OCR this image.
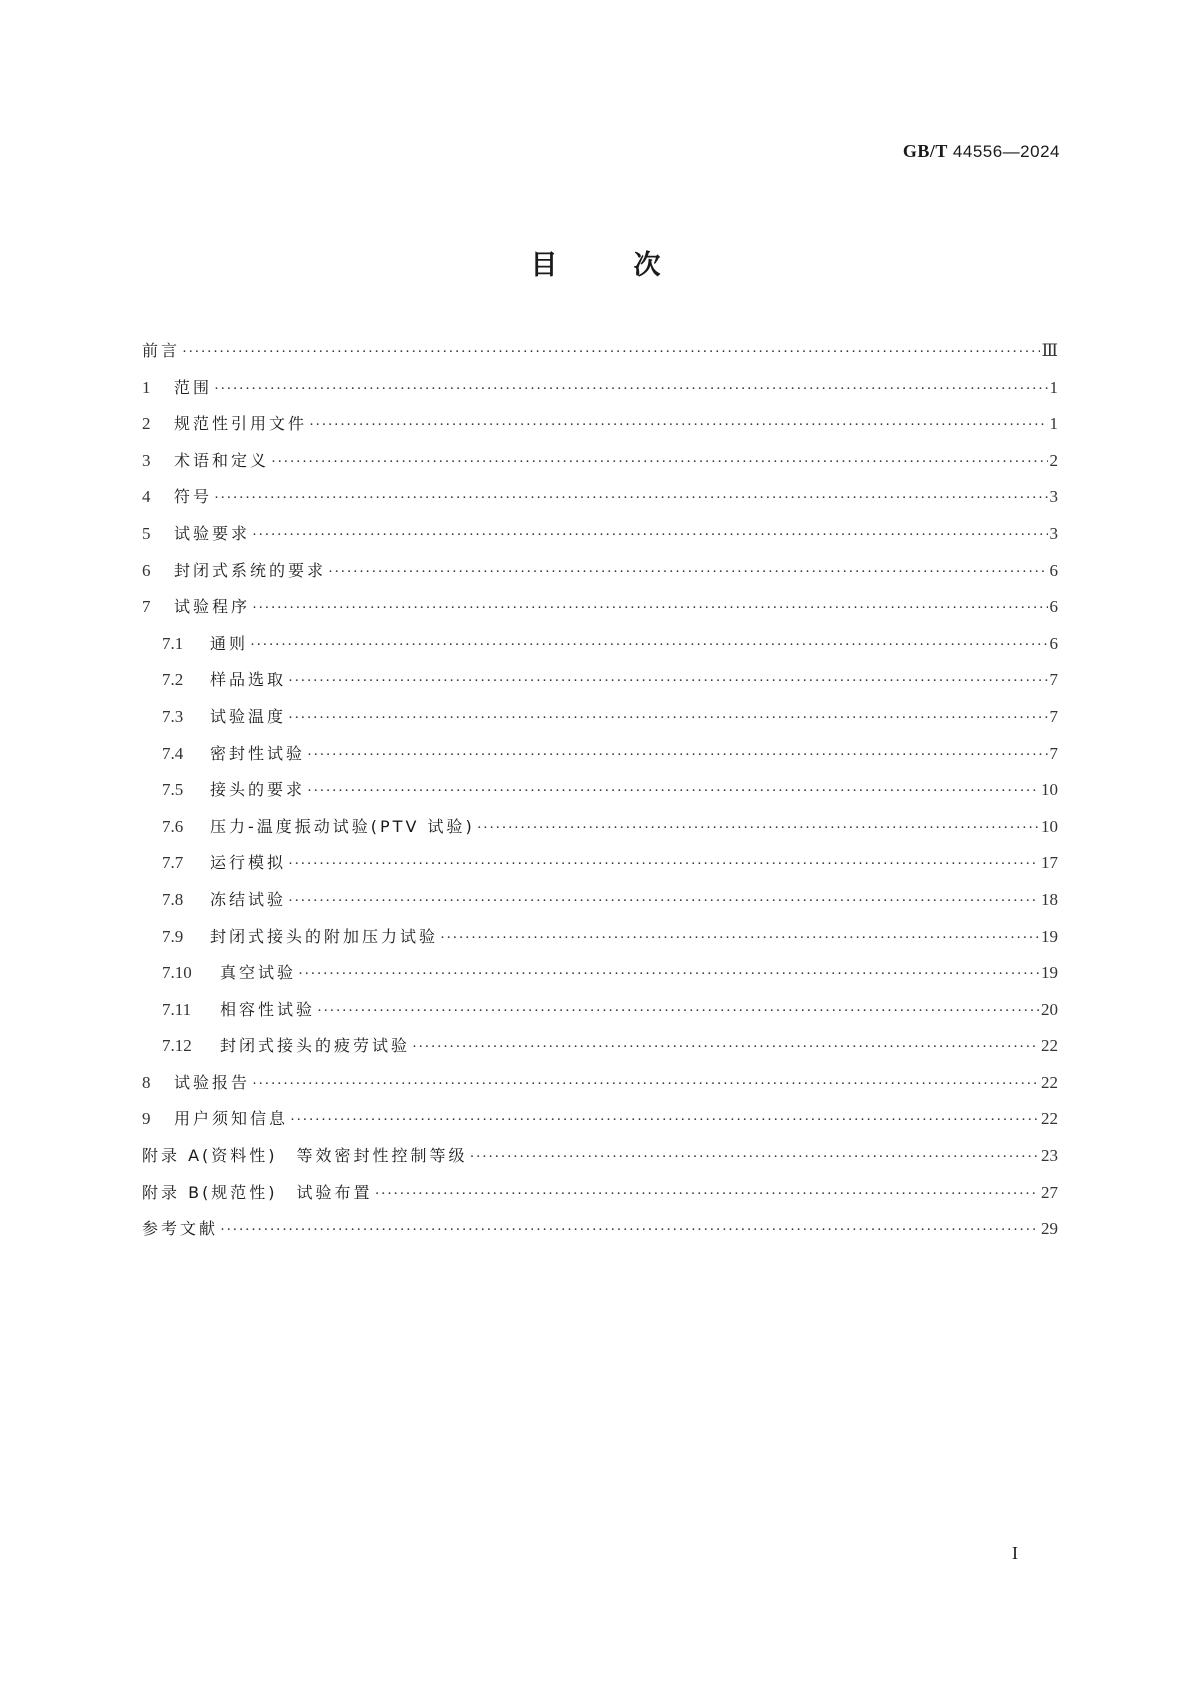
GB/T 44556—2024
目	次
前言 ·····	Ⅲ
1	范围 ·····	1
2	规范性引用文件 ·····	1
3	术语和定义 ·····	2
4	符号 ·····	3
5	试验要求 ·····	3
6	封闭式系统的要求 ·····	6
7	试验程序 ·····	6
7.1	通则 ·····	6
7.2	样品选取 ·····	7
7.3	试验温度 ·····	7
7.4	密封性试验 ·····	7
7.5	接头的要求 ·····	10
7.6	压力-温度振动试验(PTV 试验) ·····	10
7.7	运行模拟 ·····	17
7.8	冻结试验 ·····	18
7.9	封闭式接头的附加压力试验 ·····	19
7.10	真空试验 ·····	19
7.11	相容性试验 ·····	20
7.12	封闭式接头的疲劳试验 ·····	22
8	试验报告 ·····	22
9	用户须知信息 ·····	22
附录 A(资料性)　等效密封性控制等级 ·····	23
附录 B(规范性)　试验布置 ·····	27
参考文献 ·····	29
I
